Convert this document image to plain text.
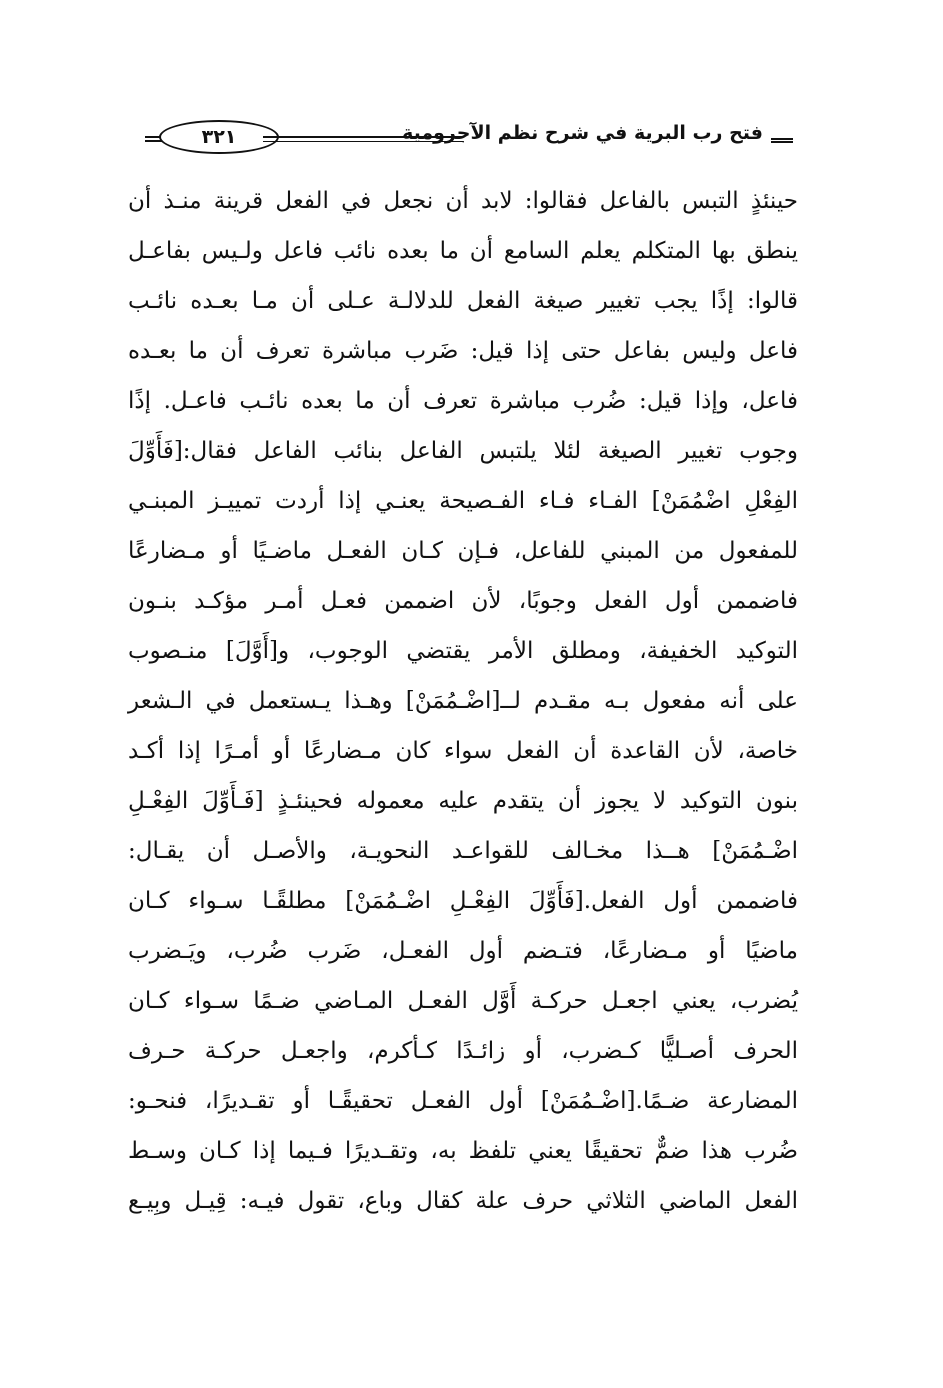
٣٢١	فتح رب البرية في شرح نظم الآجرومية
حينئذٍ التبس بالفاعل فقالوا: لابد أن نجعل في الفعل قرينة منـذ أن
ينطق بها المتكلم يعلم السامع أن ما بعده نائب فاعل ولـيس بفاعـل
قالوا: إذًا يجب تغيير صيغة الفعل للدلالـة عـلى أن مـا بعـده نائـب
فاعل وليس بفاعل حتى إذا قيل: ضَرب مباشرة تعرف أن ما بعـده
فاعل، وإذا قيل: ضُرب مباشرة تعرف أن ما بعده نائـب فاعـل. إذًا
وجوب تغيير الصيغة لئلا يلتبس الفاعل بنائب الفاعل فقال:[فَأَوِّلَ
الفِعْلِ اضْمُمَنْ] الفـاء فـاء الفـصيحة يعنـي إذا أردت تمييـز المبنـي
للمفعول من المبني للفاعل، فـإن كـان الفعـل ماضـيًا أو مـضارعًا
فاضممن أول الفعل وجوبًا، لأن اضممن فعـل أمـر مؤكـد بنـون
التوكيد الخفيفة، ومطلق الأمر يقتضي الوجوب، و[أَوَّلَ] منـصوب
على أنه مفعول بـه مقـدم لــ[اضْـمُمَنْ] وهـذا يـستعمل في الـشعر
خاصة، لأن القاعدة أن الفعل سواء كان مـضارعًا أو أمـرًا إذا أكـد
بنون التوكيد لا يجوز أن يتقدم عليه معموله فحينئـذٍ [فَـأَوِّلَ الفِعْـلِ
اضْـمُمَنْ] هــذا مخـالف للقواعـد النحويـة، والأصـل أن يقـال:
فاضممن أول الفعل.[فَأَوِّلَ الفِعْـلِ اضْـمُمَنْ] مطلقًـا سـواء كـان
ماضيًا أو مـضارعًا، فتـضم أول الفعـل، ضَرب ضُرب، ويَـضرب
يُضرب، يعني اجعـل حركـة أَوَّل الفعـل المـاضي ضـمًا سـواء كـان
الحرف أصـليًّا كـضرب، أو زائـدًا كـأكرم، واجعـل حركـة حـرف
المضارعة ضـمًا.[اضْـمُمَنْ] أول الفعـل تحقيقًـا أو تقـديرًا، فنحـو:
ضُرب هذا ضمٌّ تحقيقًا يعني تلفظ به، وتقـديرًا فـيما إذا كـان وسـط
الفعل الماضي الثلاثي حرف علة كقال وباع، تقول فيـه: قِيـل وبِيـع
